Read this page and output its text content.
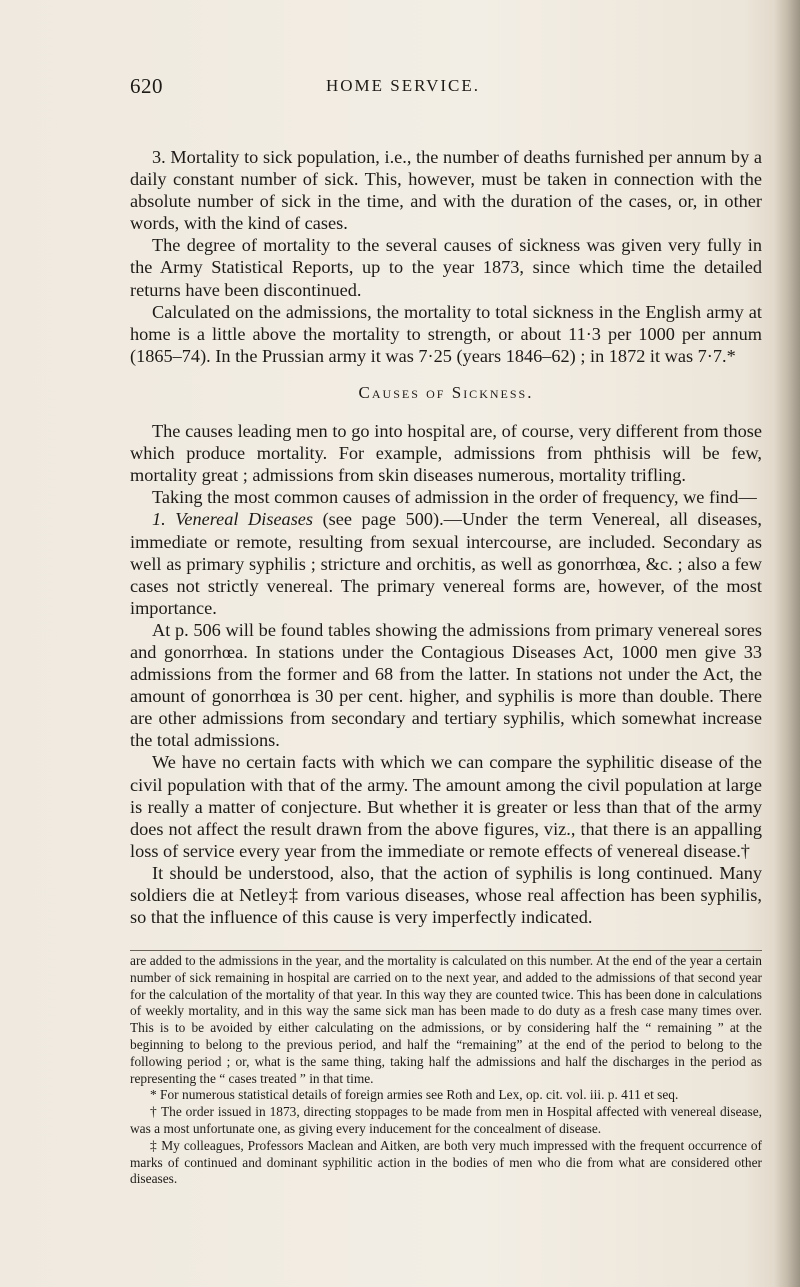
620	HOME SERVICE.

3. Mortality to sick population, i.e., the number of deaths furnished per annum by a daily constant number of sick. This, however, must be taken in connection with the absolute number of sick in the time, and with the duration of the cases, or, in other words, with the kind of cases.

The degree of mortality to the several causes of sickness was given very fully in the Army Statistical Reports, up to the year 1873, since which time the detailed returns have been discontinued.

Calculated on the admissions, the mortality to total sickness in the English army at home is a little above the mortality to strength, or about 11·3 per 1000 per annum (1865–74). In the Prussian army it was 7·25 (years 1846–62) ; in 1872 it was 7·7.*

Causes of Sickness.

The causes leading men to go into hospital are, of course, very different from those which produce mortality. For example, admissions from phthisis will be few, mortality great ; admissions from skin diseases numerous, mortality trifling.

Taking the most common causes of admission in the order of frequency, we find—

1. Venereal Diseases (see page 500).—Under the term Venereal, all diseases, immediate or remote, resulting from sexual intercourse, are included. Secondary as well as primary syphilis ; stricture and orchitis, as well as gonorrhœa, &c. ; also a few cases not strictly venereal. The primary venereal forms are, however, of the most importance.

At p. 506 will be found tables showing the admissions from primary venereal sores and gonorrhœa. In stations under the Contagious Diseases Act, 1000 men give 33 admissions from the former and 68 from the latter. In stations not under the Act, the amount of gonorrhœa is 30 per cent. higher, and syphilis is more than double. There are other admissions from secondary and tertiary syphilis, which somewhat increase the total admissions.

We have no certain facts with which we can compare the syphilitic disease of the civil population with that of the army. The amount among the civil population at large is really a matter of conjecture. But whether it is greater or less than that of the army does not affect the result drawn from the above figures, viz., that there is an appalling loss of service every year from the immediate or remote effects of venereal disease.†

It should be understood, also, that the action of syphilis is long continued. Many soldiers die at Netley‡ from various diseases, whose real affection has been syphilis, so that the influence of this cause is very imperfectly indicated.

are added to the admissions in the year, and the mortality is calculated on this number. At the end of the year a certain number of sick remaining in hospital are carried on to the next year, and added to the admissions of that second year for the calculation of the mortality of that year. In this way they are counted twice. This has been done in calculations of weekly mortality, and in this way the same sick man has been made to do duty as a fresh case many times over. This is to be avoided by either calculating on the admissions, or by considering half the “ remaining ” at the beginning to belong to the previous period, and half the “remaining” at the end of the period to belong to the following period ; or, what is the same thing, taking half the admissions and half the discharges in the period as representing the “ cases treated ” in that time.

* For numerous statistical details of foreign armies see Roth and Lex, op. cit. vol. iii. p. 411 et seq.

† The order issued in 1873, directing stoppages to be made from men in Hospital affected with venereal disease, was a most unfortunate one, as giving every inducement for the concealment of disease.

‡ My colleagues, Professors Maclean and Aitken, are both very much impressed with the frequent occurrence of marks of continued and dominant syphilitic action in the bodies of men who die from what are considered other diseases.
